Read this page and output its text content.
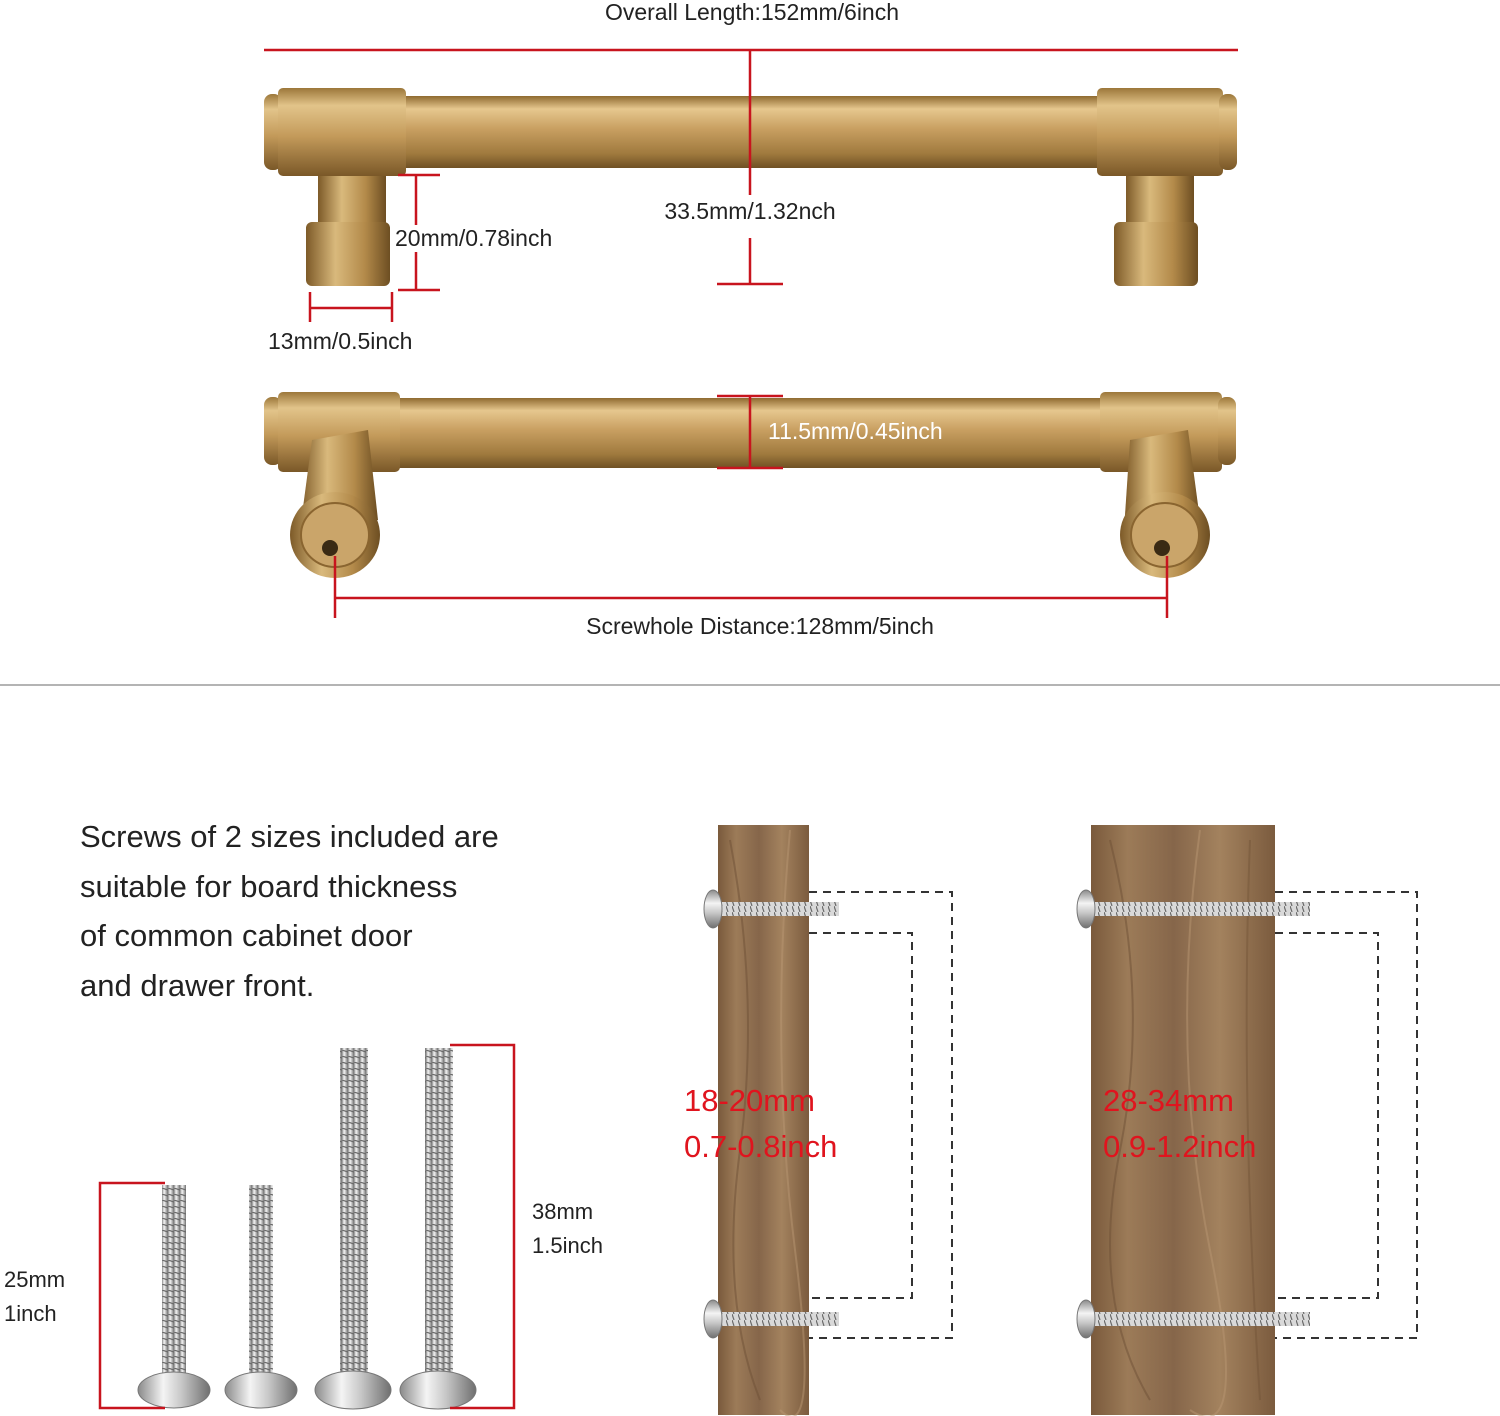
Overall Length:152mm/6inch
33.5mm/1.32nch
20mm/0.78inch
13mm/0.5inch
11.5mm/0.45inch
Screwhole Distance:128mm/5inch
25mm
1inch
38mm
1.5inch
18-20mm
0.7-0.8inch
28-34mm
0.9-1.2inch
Screws of 2 sizes included are
suitable for board thickness
of common cabinet door
and drawer front.
